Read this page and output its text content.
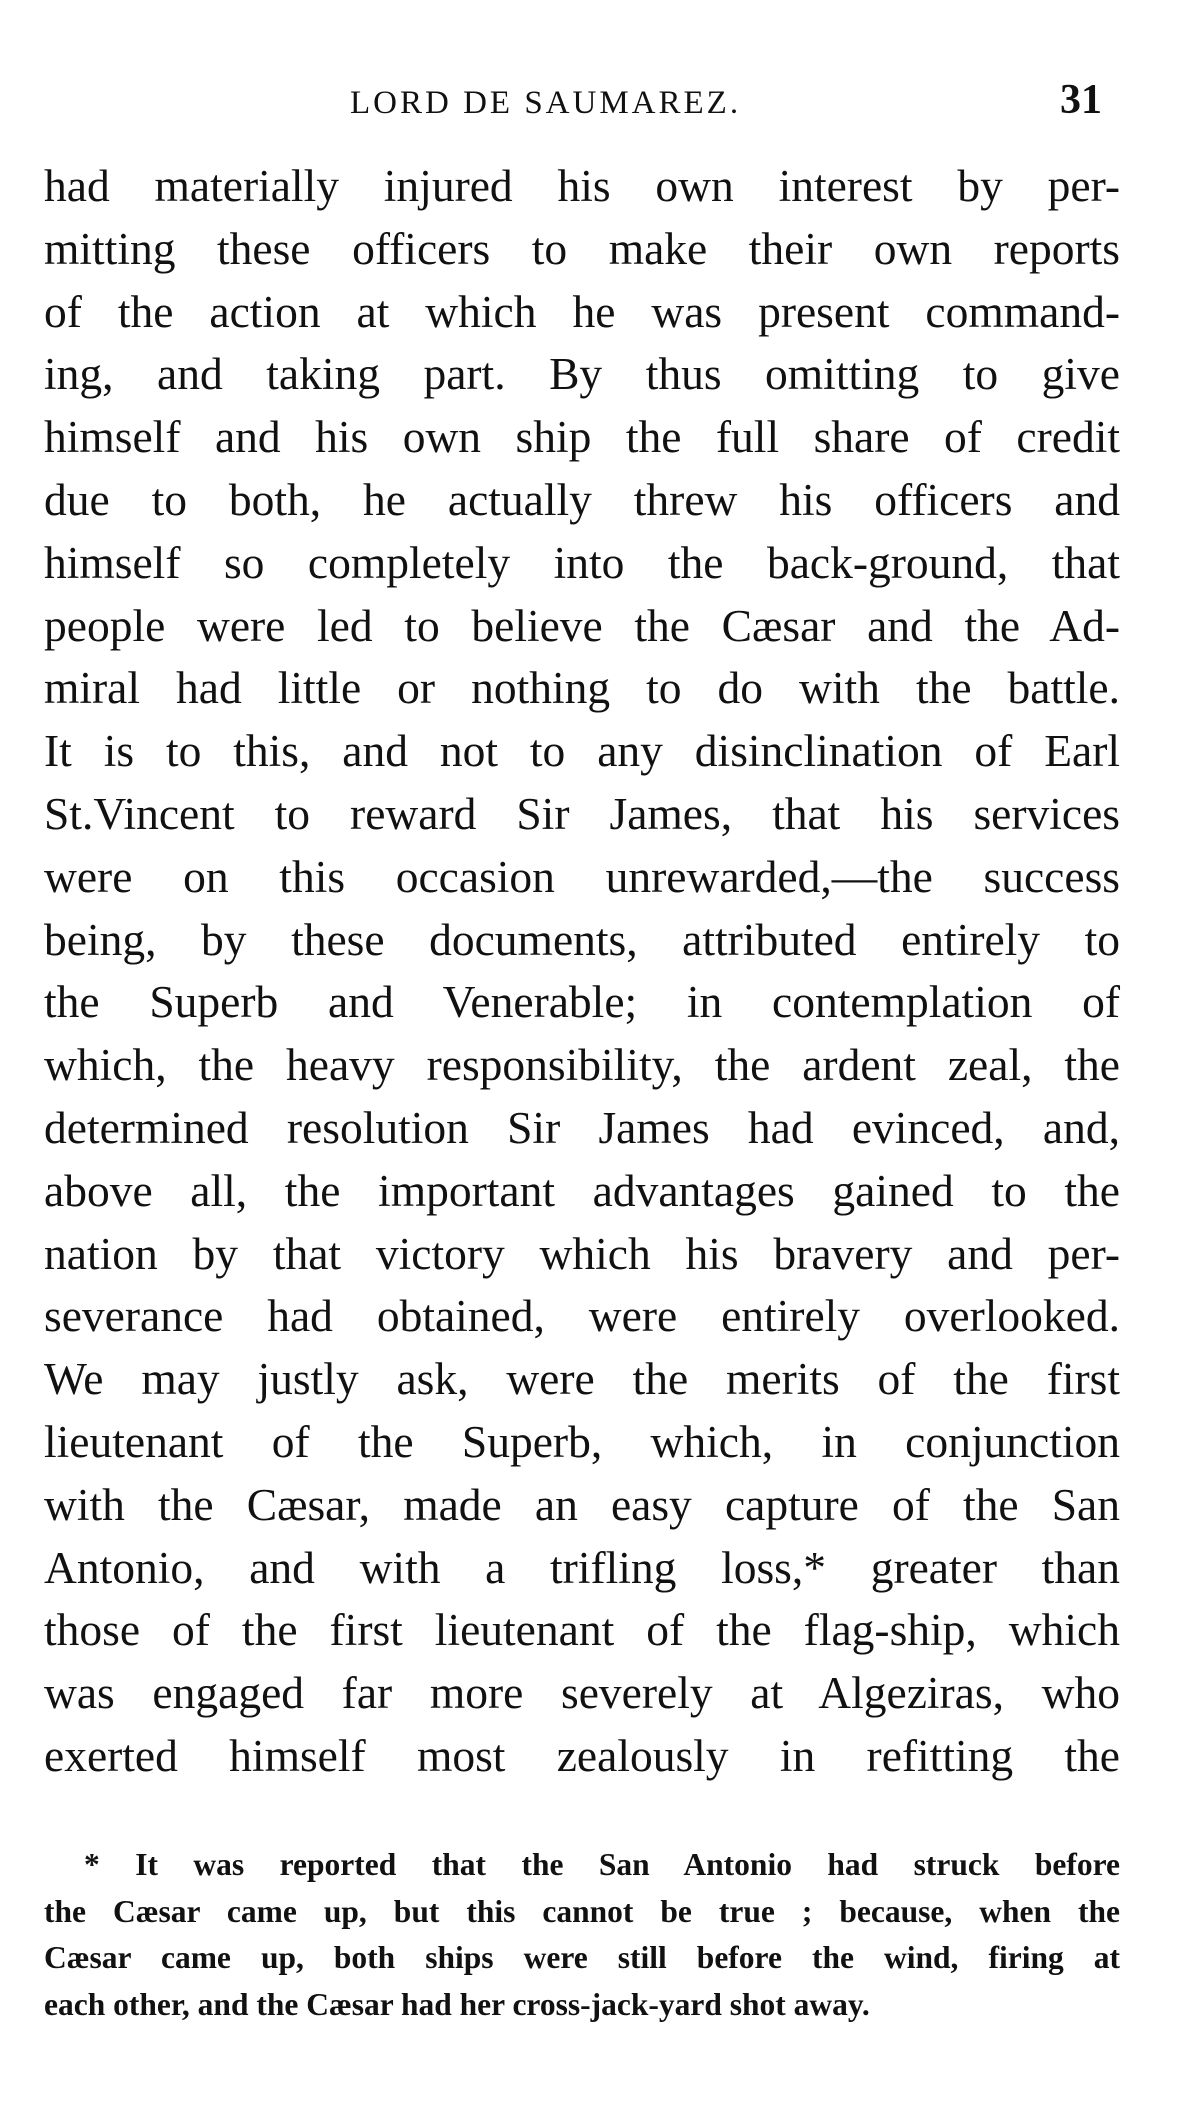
LORD DE SAUMAREZ.	31
had materially injured his own interest by per-
mitting these officers to make their own reports
of the action at which he was present command-
ing, and taking part. By thus omitting to give
himself and his own ship the full share of credit
due to both, he actually threw his officers and
himself so completely into the back-ground, that
people were led to believe the Cæsar and the Ad-
miral had little or nothing to do with the battle.
It is to this, and not to any disinclination of Earl
St.Vincent to reward Sir James, that his services
were on this occasion unrewarded,—the success
being, by these documents, attributed entirely to
the Superb and Venerable; in contemplation of
which, the heavy responsibility, the ardent zeal, the
determined resolution Sir James had evinced, and,
above all, the important advantages gained to the
nation by that victory which his bravery and per-
severance had obtained, were entirely overlooked.
We may justly ask, were the merits of the first
lieutenant of the Superb, which, in conjunction
with the Cæsar, made an easy capture of the San
Antonio, and with a trifling loss,* greater than
those of the first lieutenant of the flag-ship, which
was engaged far more severely at Algeziras, who
exerted himself most zealously in refitting the
* It was reported that the San Antonio had struck before
the Cæsar came up, but this cannot be true ; because, when the
Cæsar came up, both ships were still before the wind, firing at
each other, and the Cæsar had her cross-jack-yard shot away.
